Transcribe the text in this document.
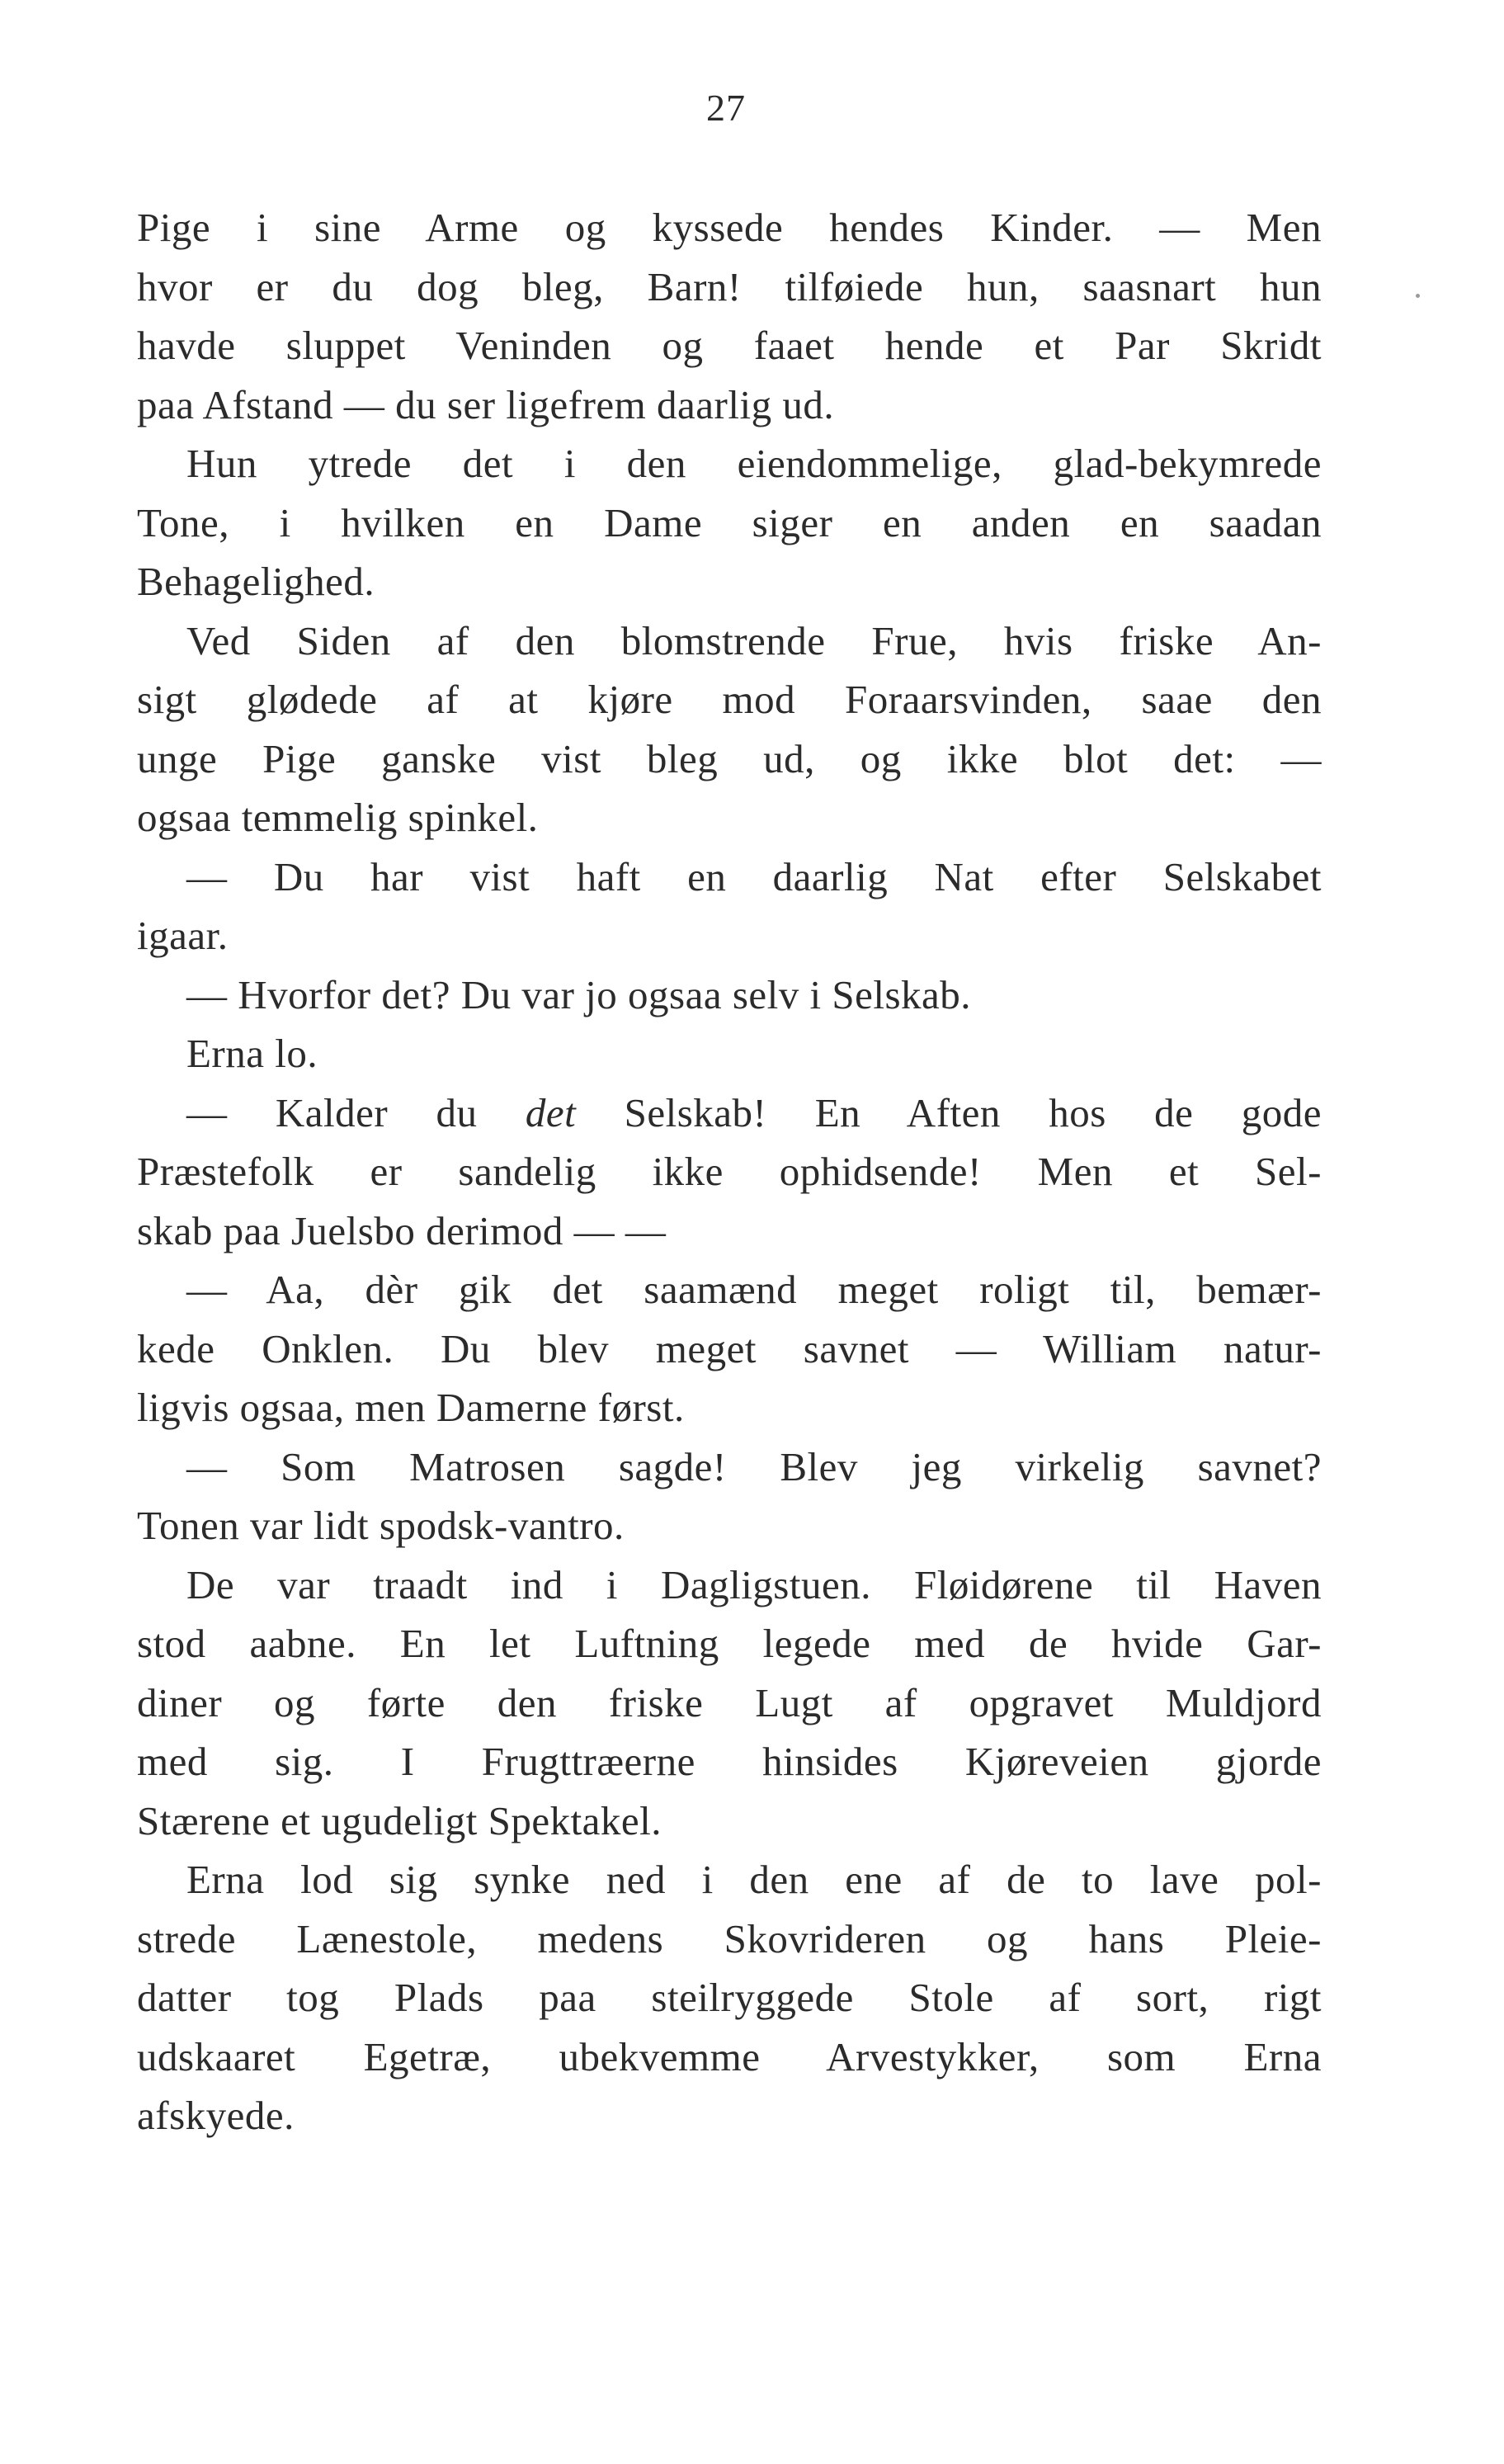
27
Pige i sine Arme og kyssede hendes Kinder. — Men
hvor er du dog bleg, Barn! tilføiede hun, saasnart hun
havde sluppet Veninden og faaet hende et Par Skridt
paa Afstand — du ser ligefrem daarlig ud.
Hun ytrede det i den eiendommelige, glad-bekymrede
Tone, i hvilken en Dame siger en anden en saadan
Behagelighed.
Ved Siden af den blomstrende Frue, hvis friske An-
sigt glødede af at kjøre mod Foraarsvinden, saae den
unge Pige ganske vist bleg ud, og ikke blot det: —
ogsaa temmelig spinkel.
— Du har vist haft en daarlig Nat efter Selskabet
igaar.
— Hvorfor det? Du var jo ogsaa selv i Selskab.
Erna lo.
— Kalder du det Selskab! En Aften hos de gode
Præstefolk er sandelig ikke ophidsende! Men et Sel-
skab paa Juelsbo derimod — —
— Aa, dèr gik det saamænd meget roligt til, bemær-
kede Onklen. Du blev meget savnet — William natur-
ligvis ogsaa, men Damerne først.
— Som Matrosen sagde! Blev jeg virkelig savnet?
Tonen var lidt spodsk-vantro.
De var traadt ind i Dagligstuen. Fløidørene til Haven
stod aabne. En let Luftning legede med de hvide Gar-
diner og førte den friske Lugt af opgravet Muldjord
med sig. I Frugttræerne hinsides Kjøreveien gjorde
Stærene et ugudeligt Spektakel.
Erna lod sig synke ned i den ene af de to lave pol-
strede Lænestole, medens Skovrideren og hans Pleie-
datter tog Plads paa steilryggede Stole af sort, rigt
udskaaret Egetræ, ubekvemme Arvestykker, som Erna
afskyede.
